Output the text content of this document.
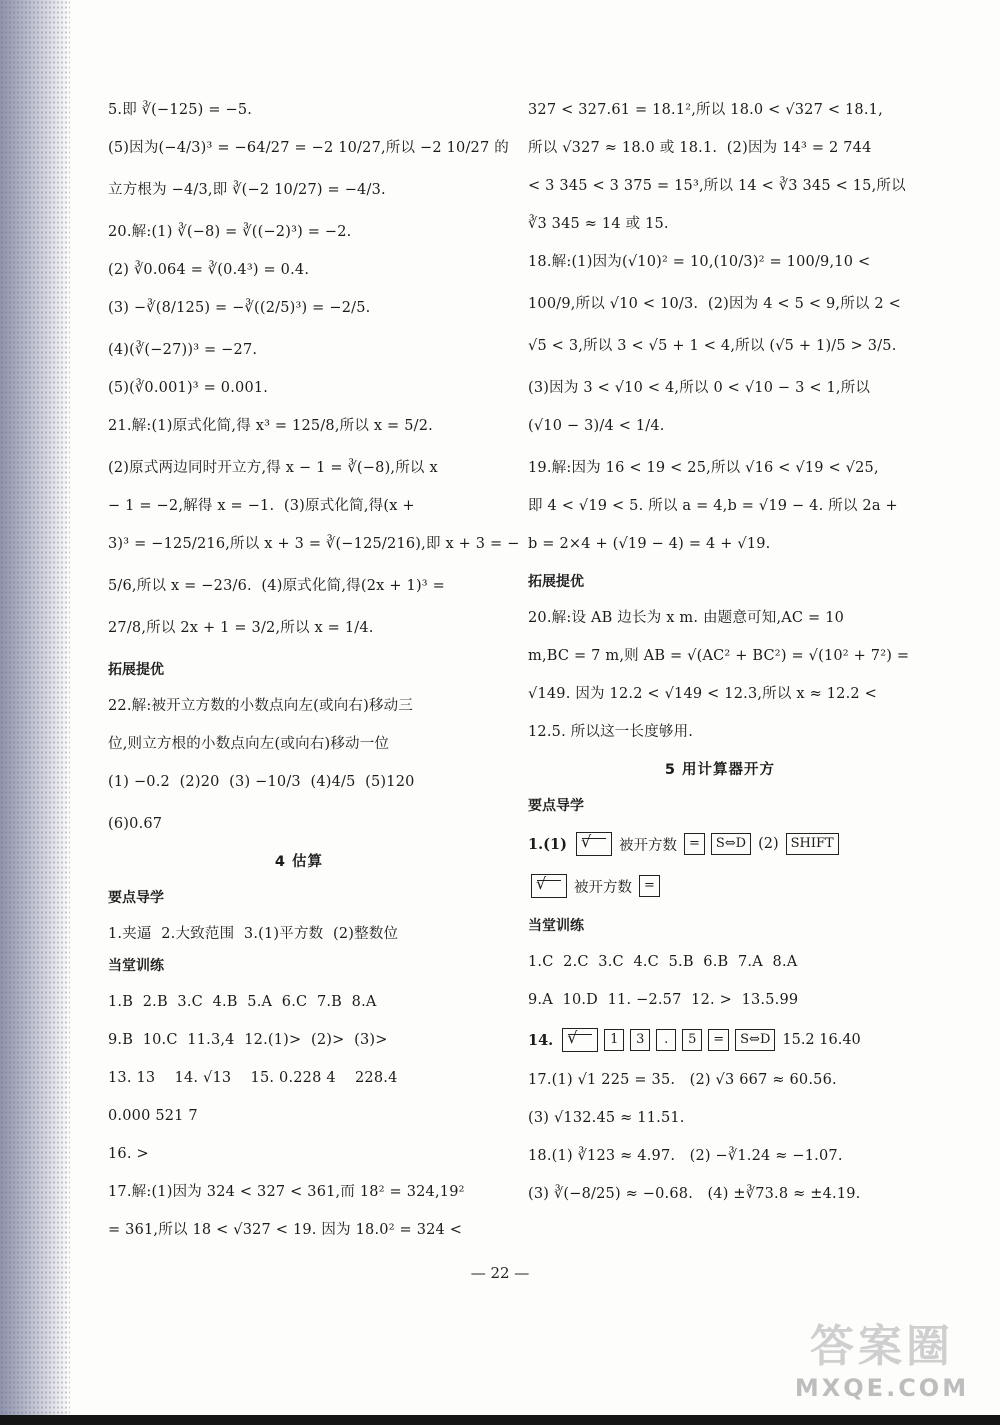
5.即 ∛(−125) = −5.
(5)因为(−4/3)³ = −64/27 = −2 10/27,所以 −2 10/27 的
立方根为 −4/3,即 ∛(−2 10/27) = −4/3.
20.解:(1) ∛(−8) = ∛((−2)³) = −2.
(2) ∛0.064 = ∛(0.4³) = 0.4.
(3) −∛(8/125) = −∛((2/5)³) = −2/5.
(4)(∛(−27))³ = −27.
(5)(∛0.001)³ = 0.001.
21.解:(1)原式化简,得 x³ = 125/8,所以 x = 5/2.
(2)原式两边同时开立方,得 x − 1 = ∛(−8),所以 x
− 1 = −2,解得 x = −1.  (3)原式化简,得(x +
3)³ = −125/216,所以 x + 3 = ∛(−125/216),即 x + 3 = −
5/6,所以 x = −23/6.  (4)原式化简,得(2x + 1)³ =
27/8,所以 2x + 1 = 3/2,所以 x = 1/4.
拓展提优
22.解:被开立方数的小数点向左(或向右)移动三
位,则立方根的小数点向左(或向右)移动一位
(1) −0.2  (2)20  (3) −10/3  (4)4/5  (5)120
(6)0.67
4 估算
要点导学
1.夹逼  2.大致范围  3.(1)平方数  (2)整数位
当堂训练
1.B  2.B  3.C  4.B  5.A  6.C  7.B  8.A
9.B  10.C  11.3,4  12.(1)>  (2)>  (3)>
13. 13    14. √13    15. 0.228 4    228.4
0.000 521 7
16. >
17.解:(1)因为 324 < 327 < 361,而 18² = 324,19²
= 361,所以 18 < √327 < 19. 因为 18.0² = 324 <
327 < 327.61 = 18.1²,所以 18.0 < √327 < 18.1,
所以 √327 ≈ 18.0 或 18.1.  (2)因为 14³ = 2 744
< 3 345 < 3 375 = 15³,所以 14 < ∛3 345 < 15,所以
∛3 345 ≈ 14 或 15.
18.解:(1)因为(√10)² = 10,(10/3)² = 100/9,10 <
100/9,所以 √10 < 10/3.  (2)因为 4 < 5 < 9,所以 2 <
√5 < 3,所以 3 < √5 + 1 < 4,所以 (√5 + 1)/5 > 3/5.
(3)因为 3 < √10 < 4,所以 0 < √10 − 3 < 1,所以
(√10 − 3)/4 < 1/4.
19.解:因为 16 < 19 < 25,所以 √16 < √19 < √25,
即 4 < √19 < 5. 所以 a = 4,b = √19 − 4. 所以 2a +
b = 2×4 + (√19 − 4) = 4 + √19.
拓展提优
20.解:设 AB 边长为 x m. 由题意可知,AC = 10
m,BC = 7 m,则 AB = √(AC² + BC²) = √(10² + 7²) =
√149. 因为 12.2 < √149 < 12.3,所以 x ≈ 12.2 <
12.5. 所以这一长度够用.
5 用计算器开方
要点导学
1.(1) √	被开方数 =	S⇔D (2) SHIFT
√
被开方数 =
当堂训练
1.C  2.C  3.C  4.C  5.B  6.B  7.A  8.A
9.A  10.D  11. −2.57  12. >  13.5.99
14. √	1	3	.	5	=	S⇔D 15.2 16.40
17.(1) √1 225 = 35.   (2) √3 667 ≈ 60.56.
(3) √132.45 ≈ 11.51.
18.(1) ∛123 ≈ 4.97.   (2) −∛1.24 ≈ −1.07.
(3) ∛(−8/25) ≈ −0.68.   (4) ±∛73.8 ≈ ±4.19.
— 22 —
答案圈
MXQE.COM
